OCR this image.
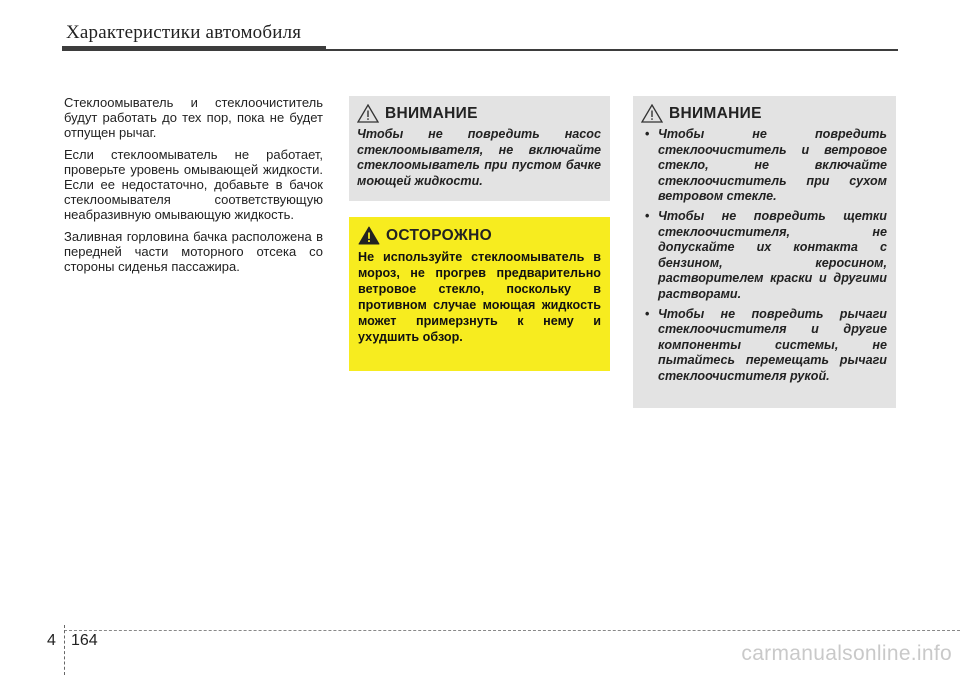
Характеристики автомобиля

Стеклоомыватель и стеклоочиститель будут работать до тех пор, пока не будет отпущен рычаг.

Если стеклоомыватель не работает, проверьте уровень омывающей жидкости. Если ее недостаточно, добавьте в бачок стеклоомывателя соответствующую неабразивную омывающую жидкость.

Заливная горловина бачка расположена в передней части моторного отсека со стороны сиденья пассажира.

ВНИМАНИЕ

Чтобы не повредить насос стеклоомывателя, не включайте стеклоомыватель при пустом бачке моющей жидкости.

ОСТОРОЖНО

Не используйте стеклоомыватель в мороз, не прогрев предварительно ветровое стекло, поскольку в противном случае моющая жидкость может примерзнуть к нему и ухудшить обзор.

ВНИМАНИЕ
• Чтобы не повредить стеклоочиститель и ветровое стекло, не включайте стеклоочиститель при сухом ветровом стекле.
• Чтобы не повредить щетки стеклоочистителя, не допускайте их контакта с бензином, керосином, растворителем краски и другими растворами.
• Чтобы не повредить рычаги стеклоочистителя и другие компоненты системы, не пытайтесь перемещать рычаги стеклоочистителя рукой.
4 164
carmanualsonline.info
